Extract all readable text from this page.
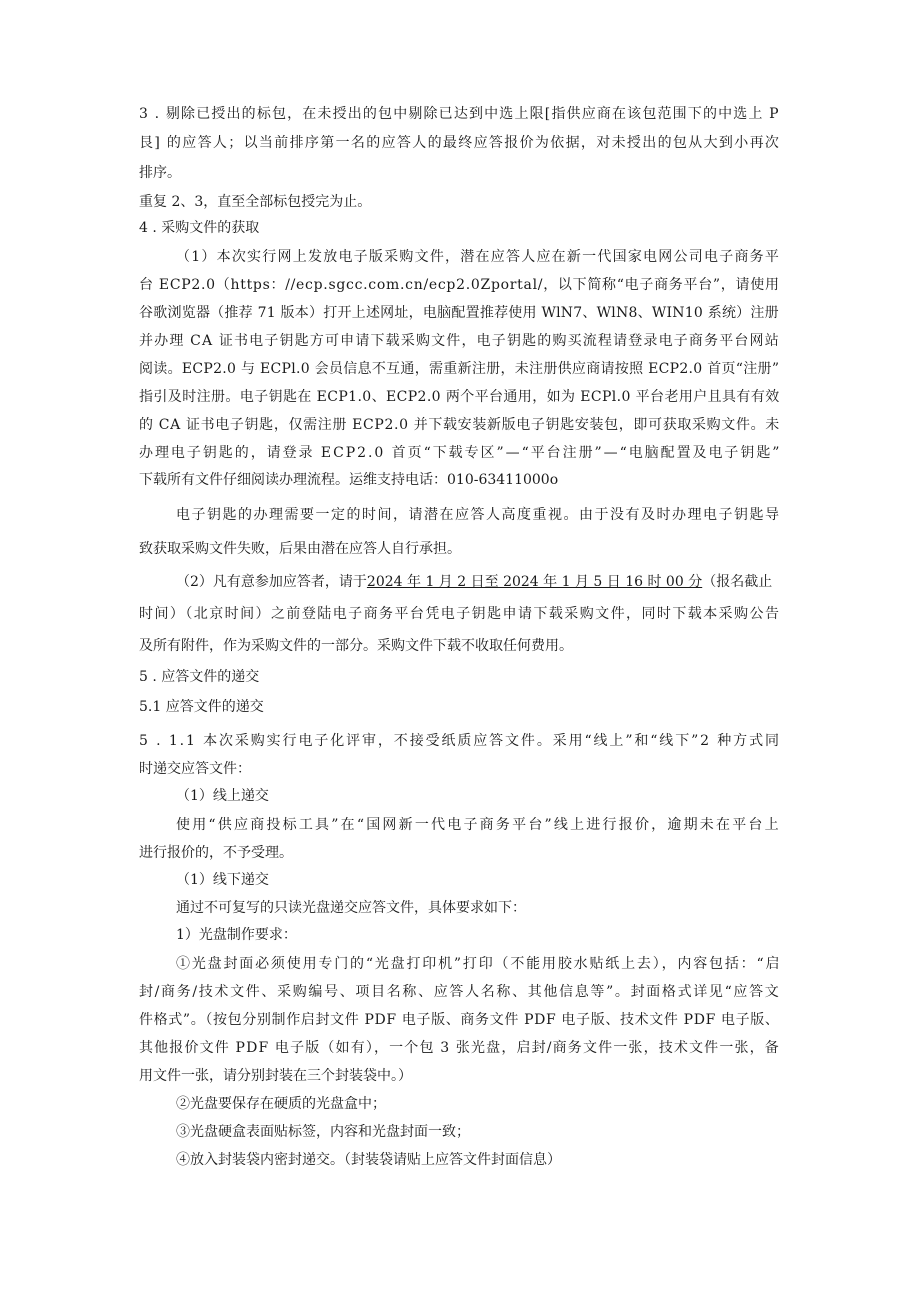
3 . 剔除已授出的标包，在未授出的包中剔除已达到中选上限[指供应商在该包范围下的中选上 P
艮] 的应答人；以当前排序第一名的应答人的最终应答报价为依据，对未授出的包从大到小再次
排序。
重复 2、3，直至全部标包授完为止。
4 . 采购文件的获取
（1）本次实行网上发放电子版采购文件，潜在应答人应在新一代国家电网公司电子商务平
台 ECP2.0（https：//ecp.sgcc.com.cn/ecp2.0Zportal/，以下简称“电子商务平台”，请使用
谷歌浏览器（推荐 71 版本）打开上述网址，电脑配置推荐使用 WlN7、WlN8、WIN10 系统）注册
并办理 CA 证书电子钥匙方可申请下载采购文件，电子钥匙的购买流程请登录电子商务平台网站
阅读。ECP2.0 与 ECPl.0 会员信息不互通，需重新注册，未注册供应商请按照 ECP2.0 首页“注册”
指引及时注册。电子钥匙在 ECP1.0、ECP2.0 两个平台通用，如为 ECPl.0 平台老用户且具有有效
的 CA 证书电子钥匙，仅需注册 ECP2.0 并下载安装新版电子钥匙安装包，即可获取采购文件。未
办理电子钥匙的，请登录 ECP2.0 首页“下载专区”—“平台注册”—“电脑配置及电子钥匙”
下载所有文件仔细阅读办理流程。运维支持电话：010-63411000o
电子钥匙的办理需要一定的时间，请潜在应答人高度重视。由于没有及时办理电子钥匙导
致获取采购文件失败，后果由潜在应答人自行承担。
（2）凡有意参加应答者，请于2024 年 1 月 2 日至 2024 年 1 月 5 日 16 时 00 分（报名截止
时间）（北京时间）之前登陆电子商务平台凭电子钥匙申请下载采购文件，同时下载本采购公告
及所有附件，作为采购文件的一部分。采购文件下载不收取任何费用。
5 . 应答文件的递交
5.1 应答文件的递交
5 . 1.1 本次采购实行电子化评审，不接受纸质应答文件。采用“线上”和“线下”2 种方式同
时递交应答文件：
（1）线上递交
使用“供应商投标工具”在“国网新一代电子商务平台”线上进行报价，逾期未在平台上
进行报价的，不予受理。
（1）线下递交
通过不可复写的只读光盘递交应答文件，具体要求如下：
1）光盘制作要求：
①光盘封面必须使用专门的“光盘打印机”打印（不能用胶水贴纸上去），内容包括：“启
封/商务/技术文件、采购编号、项目名称、应答人名称、其他信息等”。封面格式详见“应答文
件格式”。（按包分别制作启封文件 PDF 电子版、商务文件 PDF 电子版、技术文件 PDF 电子版、
其他报价文件 PDF 电子版（如有），一个包 3 张光盘，启封/商务文件一张，技术文件一张，备
用文件一张，请分别封装在三个封装袋中。）
②光盘要保存在硬质的光盘盒中；
③光盘硬盒表面贴标签，内容和光盘封面一致；
④放入封装袋内密封递交。（封装袋请贴上应答文件封面信息）
